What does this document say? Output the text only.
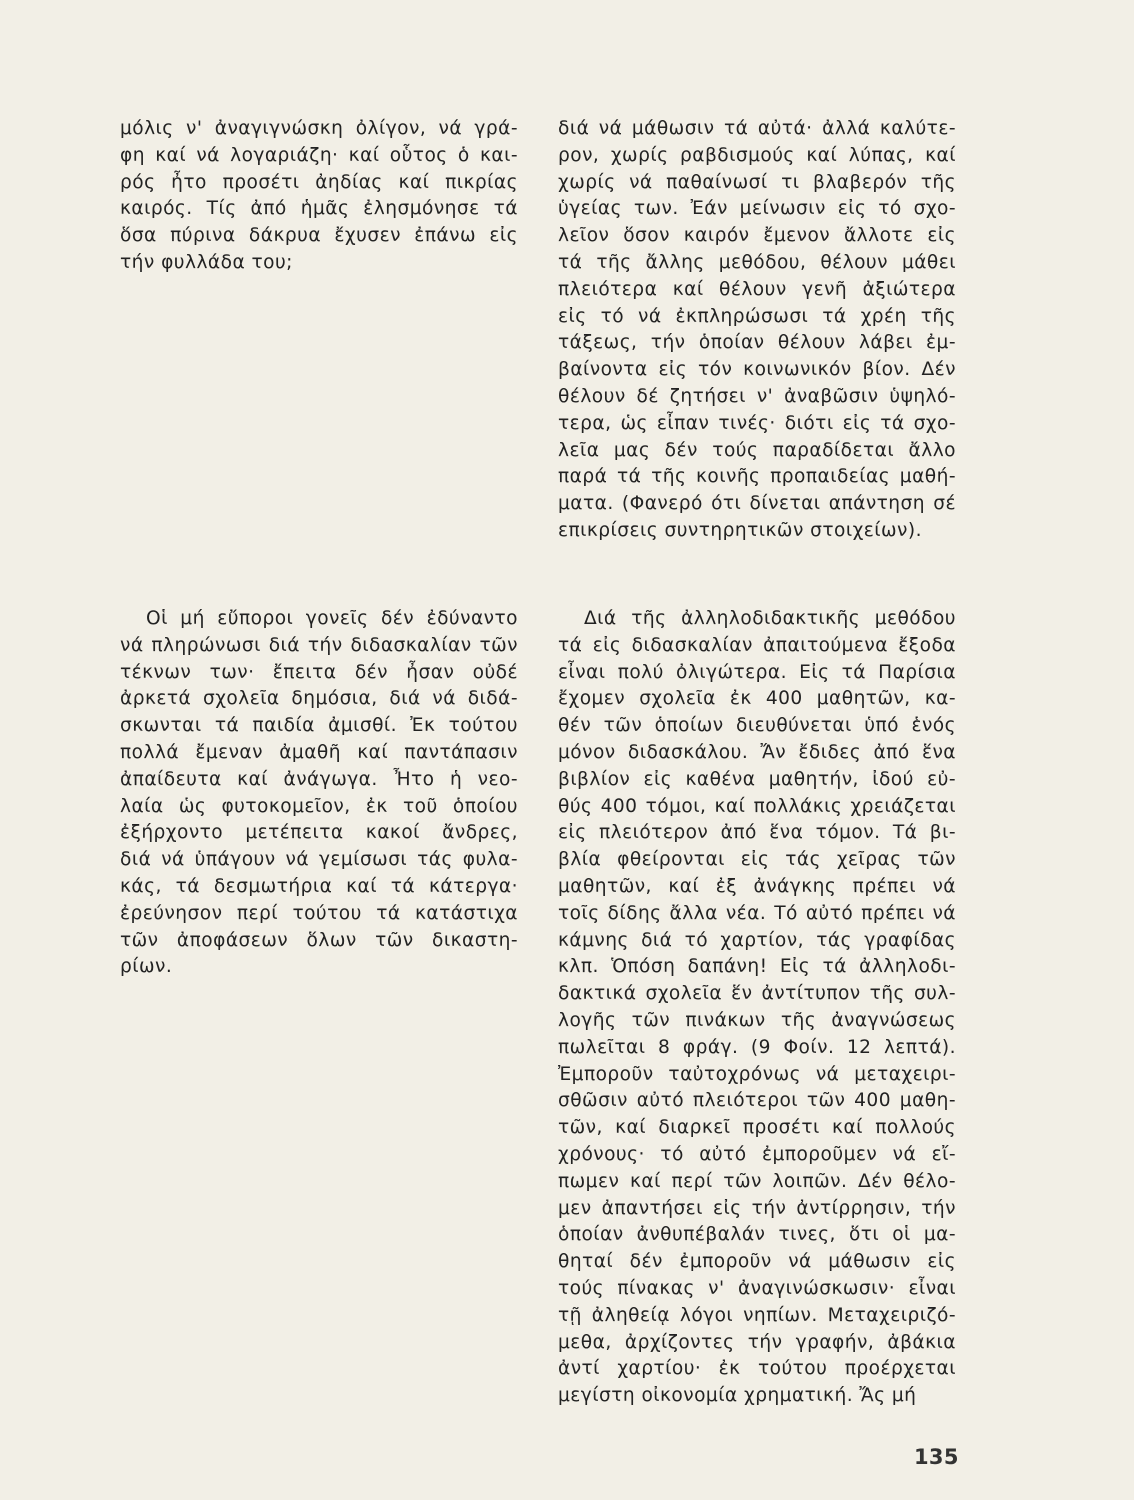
μόλις ν' ἀναγιγνώσκη ὀλίγον, νά γρά-
φη καί νά λογαριάζη· καί οὗτος ὁ και-
ρός ἦτο προσέτι ἀηδίας καί πικρίας
καιρός. Τίς ἀπό ἡμᾶς ἐλησμόνησε τά
ὅσα πύρινα δάκρυα ἔχυσεν ἐπάνω εἰς
τήν φυλλάδα του;
διά νά μάθωσιν τά αὐτά· ἀλλά καλύτε-
ρον, χωρίς ραβδισμούς καί λύπας, καί
χωρίς νά παθαίνωσί τι βλαβερόν τῆς
ὑγείας των. Ἐάν μείνωσιν εἰς τό σχο-
λεῖον ὅσον καιρόν ἔμενον ἄλλοτε εἰς
τά τῆς ἄλλης μεθόδου, θέλουν μάθει
πλειότερα καί θέλουν γενῆ ἀξιώτερα
εἰς τό νά ἐκπληρώσωσι τά χρέη τῆς
τάξεως, τήν ὁποίαν θέλουν λάβει ἐμ-
βαίνοντα εἰς τόν κοινωνικόν βίον. Δέν
θέλουν δέ ζητήσει ν' ἀναβῶσιν ὑψηλό-
τερα, ὡς εἶπαν τινές· διότι εἰς τά σχο-
λεῖα μας δέν τούς παραδίδεται ἄλλο
παρά τά τῆς κοινῆς προπαιδείας μαθή-
ματα. (Φανερό ότι δίνεται απάντηση σέ
επικρίσεις συντηρητικῶν στοιχείων).
Οἱ μή εὔποροι γονεῖς δέν ἐδύναντο
νά πληρώνωσι διά τήν διδασκαλίαν τῶν
τέκνων των· ἔπειτα δέν ἦσαν οὐδέ
ἀρκετά σχολεῖα δημόσια, διά νά διδά-
σκωνται τά παιδία ἀμισθί. Ἐκ τούτου
πολλά ἔμεναν ἀμαθῆ καί παντάπασιν
ἀπαίδευτα καί ἀνάγωγα. Ἦτο ἡ νεο-
λαία ὡς φυτοκομεῖον, ἐκ τοῦ ὁποίου
ἐξήρχοντο μετέπειτα κακοί ἄνδρες,
διά νά ὑπάγουν νά γεμίσωσι τάς φυλα-
κάς, τά δεσμωτήρια καί τά κάτεργα·
ἐρεύνησον περί τούτου τά κατάστιχα
τῶν ἀποφάσεων ὅλων τῶν δικαστη-
ρίων.
Διά τῆς ἀλληλοδιδακτικῆς μεθόδου
τά εἰς διδασκαλίαν ἀπαιτούμενα ἔξοδα
εἶναι πολύ ὀλιγώτερα. Εἰς τά Παρίσια
ἔχομεν σχολεῖα ἐκ 400 μαθητῶν, κα-
θέν τῶν ὁποίων διευθύνεται ὑπό ἑνός
μόνον διδασκάλου. Ἄν ἔδιδες ἀπό ἕνα
βιβλίον εἰς καθένα μαθητήν, ἰδού εὐ-
θύς 400 τόμοι, καί πολλάκις χρειάζεται
εἰς πλειότερον ἀπό ἕνα τόμον. Τά βι-
βλία φθείρονται εἰς τάς χεῖρας τῶν
μαθητῶν, καί ἐξ ἀνάγκης πρέπει νά
τοῖς δίδης ἄλλα νέα. Τό αὐτό πρέπει νά
κάμνης διά τό χαρτίον, τάς γραφίδας
κλπ. Ὁπόση δαπάνη! Εἰς τά ἀλληλοδι-
δακτικά σχολεῖα ἕν ἀντίτυπον τῆς συλ-
λογῆς τῶν πινάκων τῆς ἀναγνώσεως
πωλεῖται 8 φράγ. (9 Φοίν. 12 λεπτά).
Ἐμποροῦν ταὐτοχρόνως νά μεταχειρι-
σθῶσιν αὐτό πλειότεροι τῶν 400 μαθη-
τῶν, καί διαρκεῖ προσέτι καί πολλούς
χρόνους· τό αὐτό ἐμποροῦμεν νά εἴ-
πωμεν καί περί τῶν λοιπῶν. Δέν θέλο-
μεν ἀπαντήσει εἰς τήν ἀντίρρησιν, τήν
ὁποίαν ἀνθυπέβαλάν τινες, ὅτι οἱ μα-
θηταί δέν ἐμποροῦν νά μάθωσιν εἰς
τούς πίνακας ν' ἀναγινώσκωσιν· εἶναι
τῇ ἀληθείᾳ λόγοι νηπίων. Μεταχειριζό-
μεθα, ἀρχίζοντες τήν γραφήν, ἀβάκια
ἀντί χαρτίου· ἐκ τούτου προέρχεται
μεγίστη οἰκονομία χρηματική. Ἄς μή
135
